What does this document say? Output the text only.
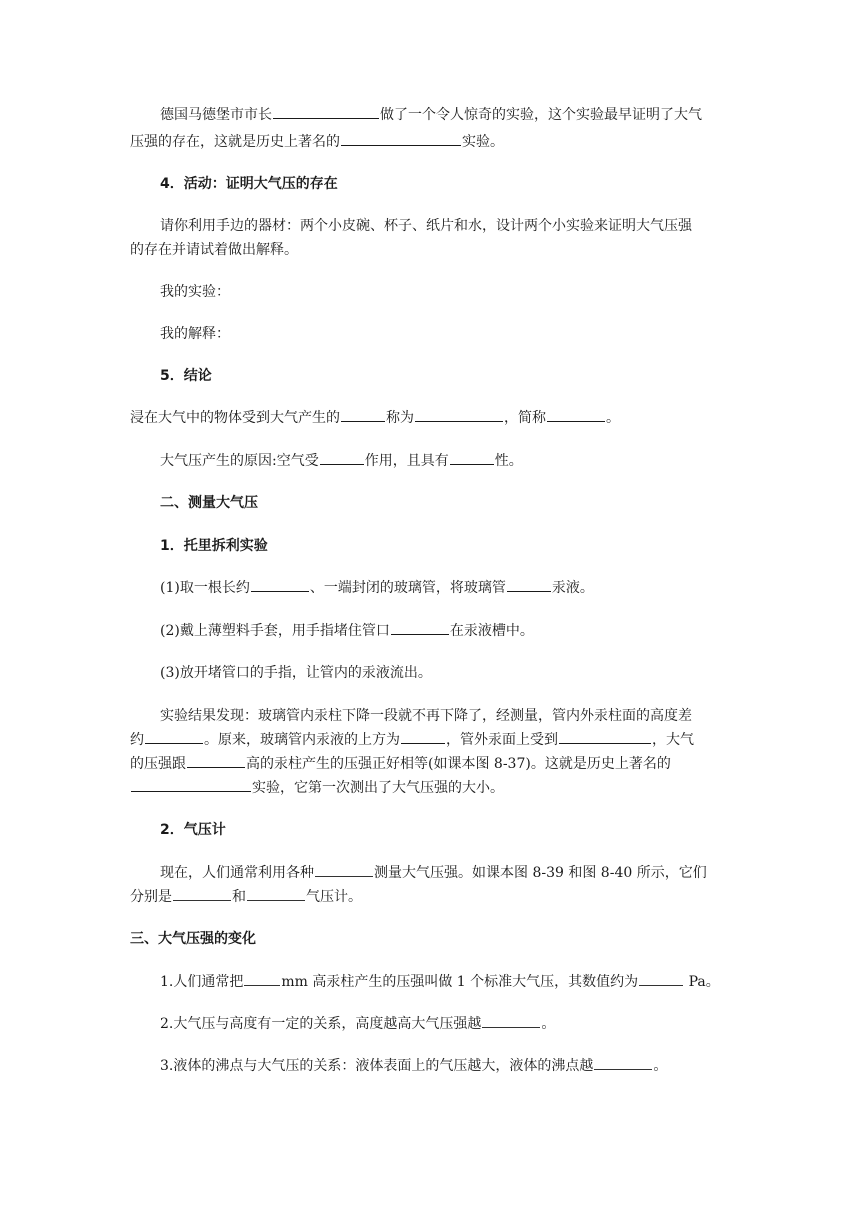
德国马德堡市市长	做了一个令人惊奇的实验，这个实验最早证明了大气
压强的存在，这就是历史上著名的	实验。
4．活动：证明大气压的存在
请你利用手边的器材：两个小皮碗、杯子、纸片和水，设计两个小实验来证明大气压强
的存在并请试着做出解释。
我的实验：
我的解释：
5．结论
浸在大气中的物体受到大气产生的	称为	，简称	。
大气压产生的原因:空气受	作用，且具有	性。
二、测量大气压
1．托里拆利实验
(1)取一根长约	、一端封闭的玻璃管，将玻璃管	汞液。
(2)戴上薄塑料手套，用手指堵住管口	在汞液槽中。
(3)放开堵管口的手指，让管内的汞液流出。
实验结果发现：玻璃管内汞柱下降一段就不再下降了，经测量，管内外汞柱面的高度差
约	。原来，玻璃管内汞液的上方为	，管外汞面上受到	，大气
的压强跟	高的汞柱产生的压强正好相等(如课本图 8-37)。这就是历史上著名的
实验，它第一次测出了大气压强的大小。
2．气压计
现在，人们通常利用各种	测量大气压强。如课本图 8-39 和图 8-40 所示，它们
分别是	和	气压计。
三、大气压强的变化
1.人们通常把	mm 高汞柱产生的压强叫做 1 个标准大气压，其数值约为	Pa。
2.大气压与高度有一定的关系，高度越高大气压强越	。
3.液体的沸点与大气压的关系：液体表面上的气压越大，液体的沸点越	。
